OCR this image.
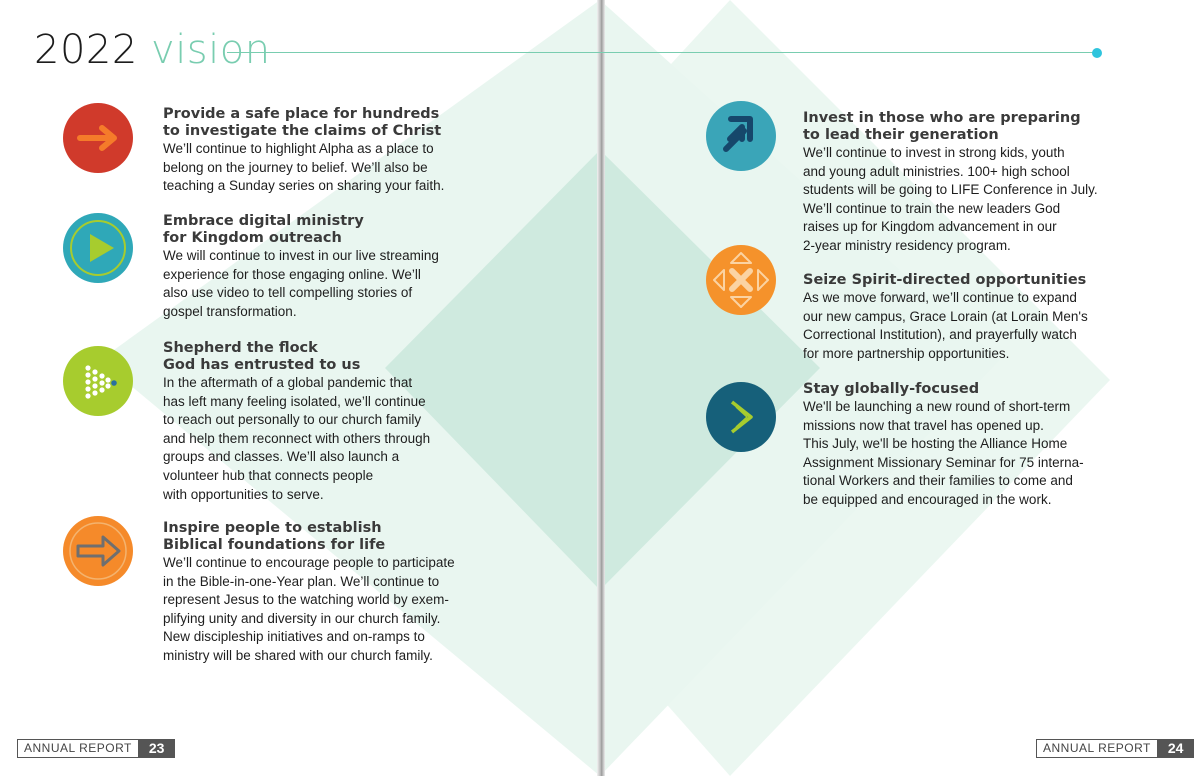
2022 vision
Provide a safe place for hundreds
to investigate the claims of Christ
We’ll continue to highlight Alpha as a place to
belong on the journey to belief. We’ll also be
teaching a Sunday series on sharing your faith.
Embrace digital ministry
for Kingdom outreach
We will continue to invest in our live streaming
experience for those engaging online. We’ll
also use video to tell compelling stories of
gospel transformation.
Shepherd the flock
God has entrusted to us
In the aftermath of a global pandemic that
has left many feeling isolated, we’ll continue
to reach out personally to our church family
and help them reconnect with others through
groups and classes. We’ll also launch a
volunteer hub that connects people
with opportunities to serve.
Inspire people to establish
Biblical foundations for life
We’ll continue to encourage people to participate
in the Bible-in-one-Year plan. We’ll continue to
represent Jesus to the watching world by exem-
plifying unity and diversity in our church family.
New discipleship initiatives and on-ramps to
ministry will be shared with our church family.
Invest in those who are preparing
to lead their generation
We’ll continue to invest in strong kids, youth
and young adult ministries. 100+ high school
students will be going to LIFE Conference in July.
We’ll continue to train the new leaders God
raises up for Kingdom advancement in our
2-year ministry residency program.
Seize Spirit-directed opportunities
As we move forward, we’ll continue to expand
our new campus, Grace Lorain (at Lorain Men's
Correctional Institution), and prayerfully watch
for more partnership opportunities.
Stay globally-focused
We'll be launching a new round of short-term
missions now that travel has opened up.
This July, we'll be hosting the Alliance Home
Assignment Missionary Seminar for 75 interna-
tional Workers and their families to come and
be equipped and encouraged in the work.
ANNUAL REPORT	23	ANNUAL REPORT	24
